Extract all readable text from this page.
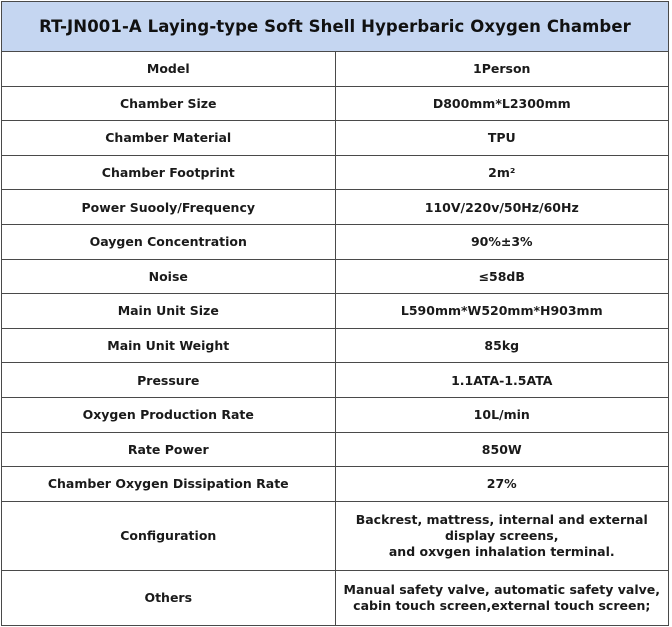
RT-JN001-A Laying-type Soft Shell Hyperbaric Oxygen Chamber	
Model	1Person
Chamber Size	D800mm*L2300mm
Chamber Material	TPU
Chamber Footprint	2m²
Power Suooly/Frequency	110V/220v/50Hz/60Hz
Oaygen Concentration	90%±3%
Noise	≤58dB
Main Unit Size	L590mm*W520mm*H903mm
Main Unit Weight	85kg
Pressure	1.1ATA-1.5ATA
Oxygen Production Rate	10L/min
Rate Power	850W
Chamber Oxygen Dissipation Rate	27%
Configuration	Backrest, mattress, internal and external display screens,
and oxvgen inhalation terminal.
Others	Manual safety valve, automatic safety valve,
cabin touch screen,external touch screen;
